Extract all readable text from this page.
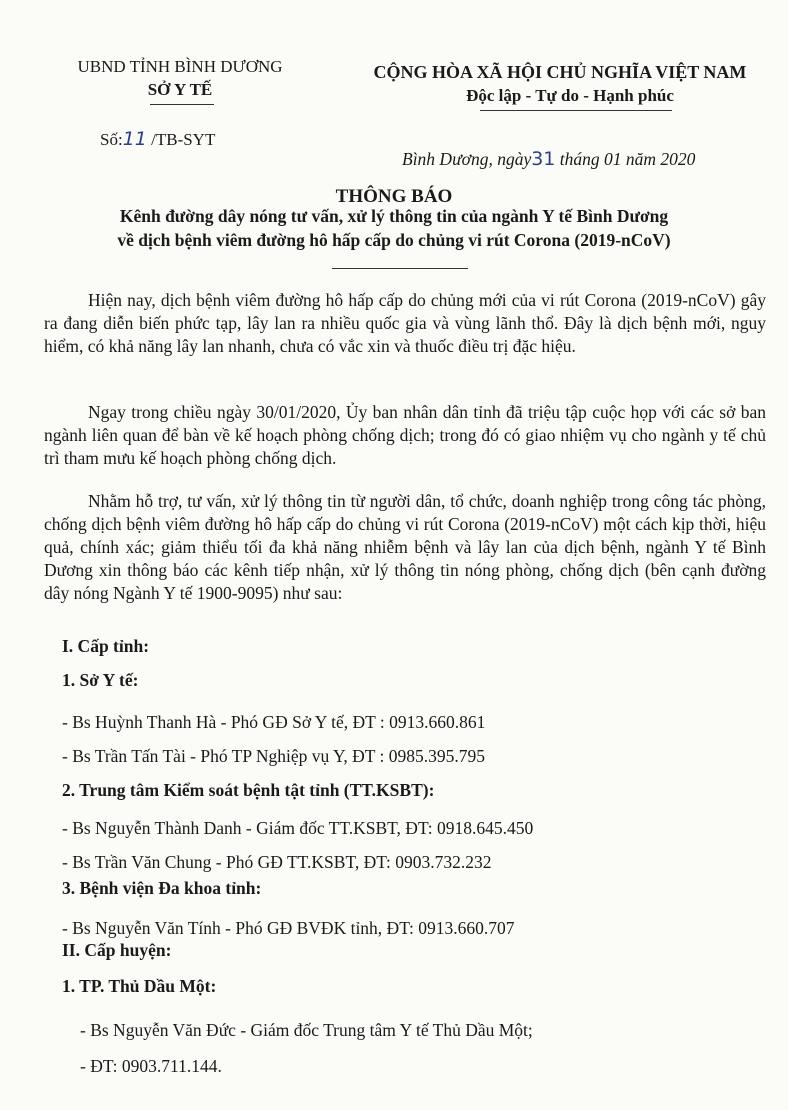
UBND TỈNH BÌNH DƯƠNG
SỞ Y TẾ
Số:11 /TB-SYT
CỘNG HÒA XÃ HỘI CHỦ NGHĨA VIỆT NAM
Độc lập - Tự do - Hạnh phúc
Bình Dương, ngày31 tháng 01 năm 2020
THÔNG BÁO
Kênh đường dây nóng tư vấn, xử lý thông tin của ngành Y tế Bình Dương
về dịch bệnh viêm đường hô hấp cấp do chủng vi rút Corona (2019-nCoV)
Hiện nay, dịch bệnh viêm đường hô hấp cấp do chủng mới của vi rút Corona (2019-nCoV) gây ra đang diễn biến phức tạp, lây lan ra nhiều quốc gia và vùng lãnh thổ. Đây là dịch bệnh mới, nguy hiểm, có khả năng lây lan nhanh, chưa có vắc xin và thuốc điều trị đặc hiệu.
Ngay trong chiều ngày 30/01/2020, Ủy ban nhân dân tỉnh đã triệu tập cuộc họp với các sở ban ngành liên quan để bàn về kế hoạch phòng chống dịch; trong đó có giao nhiệm vụ cho ngành y tế chủ trì tham mưu kế hoạch phòng chống dịch.
Nhằm hỗ trợ, tư vấn, xử lý thông tin từ người dân, tổ chức, doanh nghiệp trong công tác phòng, chống dịch bệnh viêm đường hô hấp cấp do chủng vi rút Corona (2019-nCoV) một cách kịp thời, hiệu quả, chính xác; giảm thiểu tối đa khả năng nhiễm bệnh và lây lan của dịch bệnh, ngành Y tế Bình Dương xin thông báo các kênh tiếp nhận, xử lý thông tin nóng phòng, chống dịch (bên cạnh đường dây nóng Ngành Y tế 1900-9095) như sau:
I. Cấp tỉnh:
1. Sở Y tế:
- Bs Huỳnh Thanh Hà - Phó GĐ Sở Y tế, ĐT : 0913.660.861
- Bs Trần Tấn Tài - Phó TP Nghiệp vụ Y, ĐT : 0985.395.795
2. Trung tâm Kiểm soát bệnh tật tỉnh (TT.KSBT):
- Bs Nguyễn Thành Danh - Giám đốc TT.KSBT, ĐT: 0918.645.450
- Bs Trần Văn Chung - Phó GĐ TT.KSBT, ĐT: 0903.732.232
3. Bệnh viện Đa khoa tỉnh:
- Bs Nguyễn Văn Tính - Phó GĐ BVĐK tỉnh, ĐT: 0913.660.707
II. Cấp huyện:
1. TP. Thủ Dầu Một:
- Bs Nguyễn Văn Đức - Giám đốc Trung tâm Y tế Thủ Dầu Một;
- ĐT: 0903.711.144.
